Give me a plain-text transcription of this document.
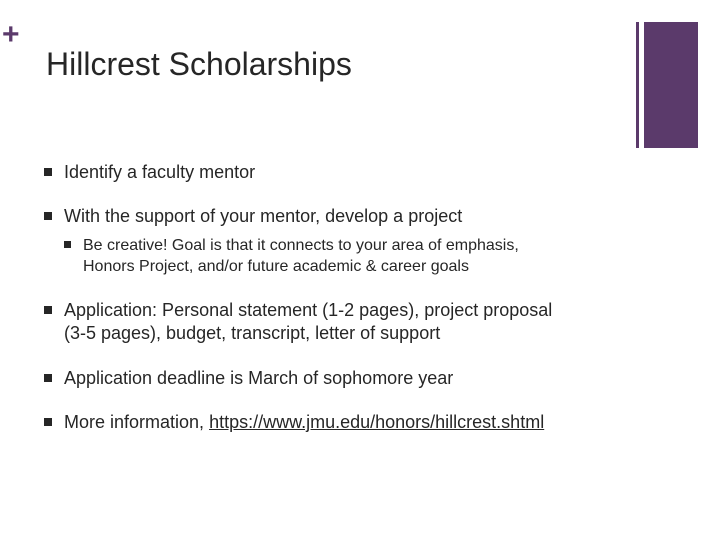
+
Hillcrest Scholarships
Identify a faculty mentor
With the support of your mentor, develop a project
Be creative! Goal is that it connects to your area of emphasis,
Honors Project, and/or future academic & career goals
Application: Personal statement (1-2 pages), project proposal
(3-5 pages), budget, transcript, letter of support
Application deadline is March of sophomore year
More information, https://www.jmu.edu/honors/hillcrest.shtml
